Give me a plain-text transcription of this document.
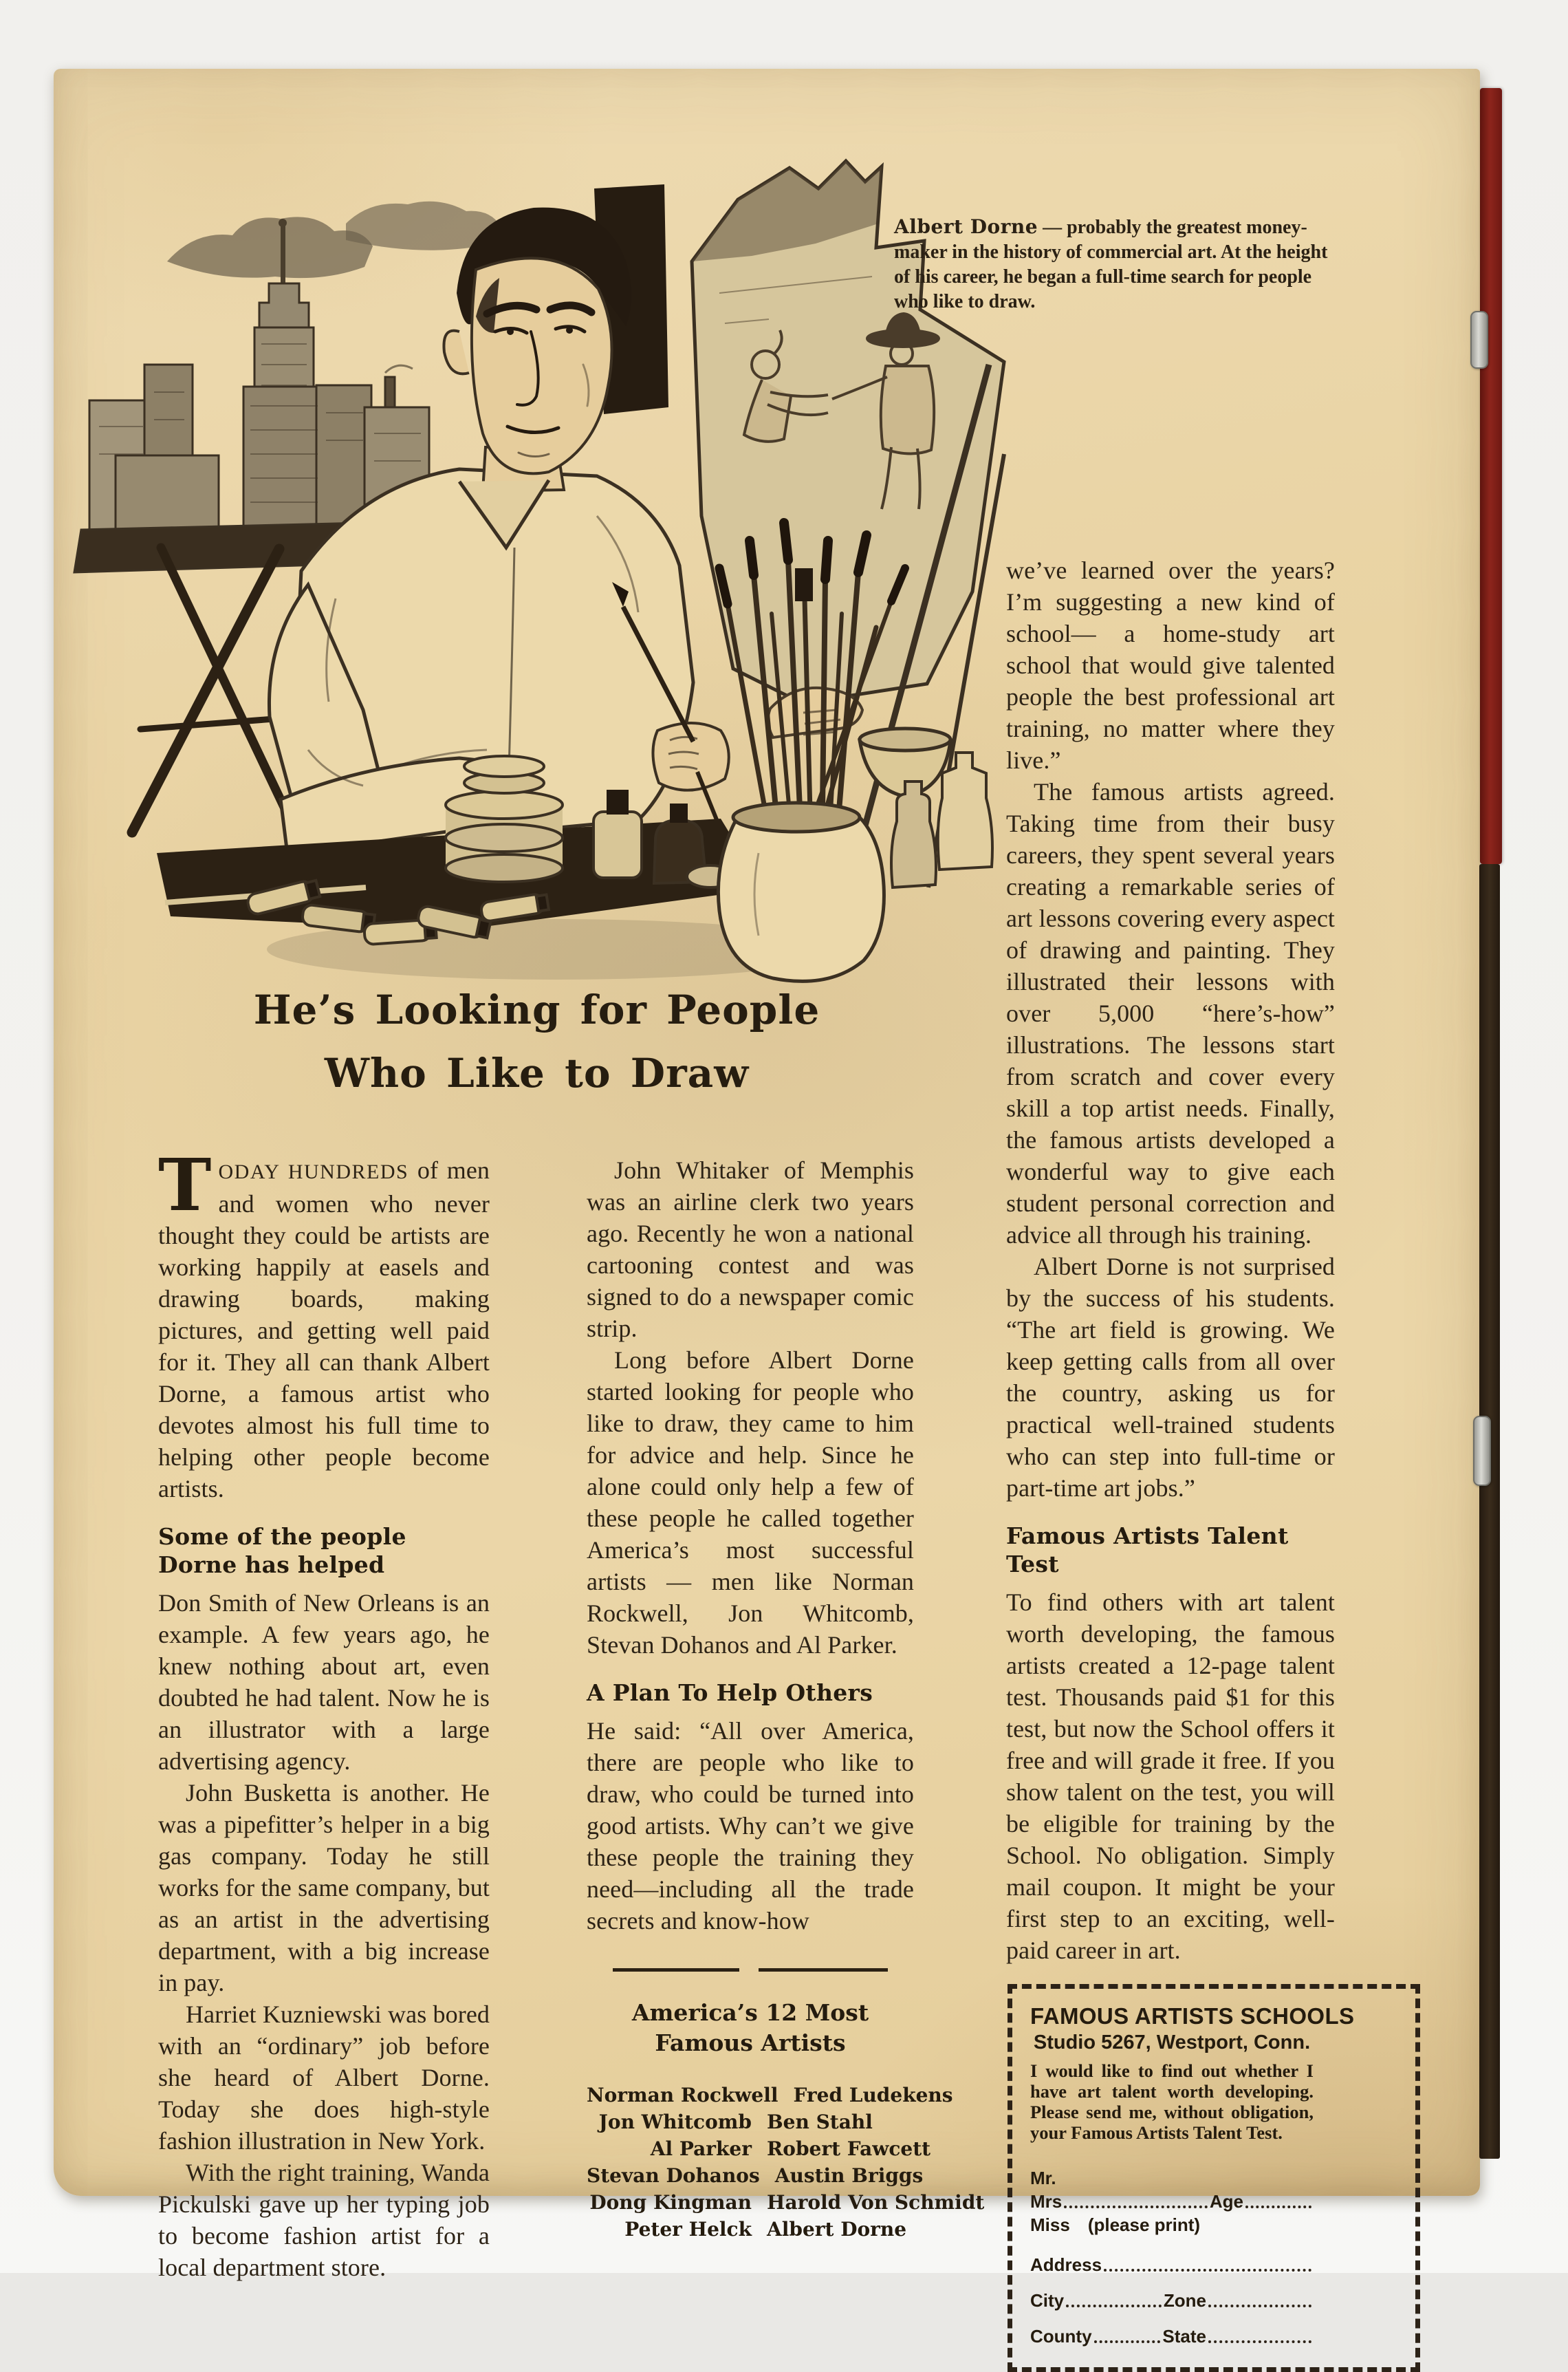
Albert Dorne — probably the greatest money-maker in the history of commercial art. At the height of his career, he began a full-time search for people who like to draw.
He’s Looking for People
Who Like to Draw

TODAY HUNDREDS of men and women who never thought they could be artists are working happily at easels and drawing boards, making pictures, and getting well paid for it. They all can thank Albert Dorne, a famous artist who devotes almost his full time to helping other people become artists.

Some of the people
Dorne has helped

Don Smith of New Orleans is an example. A few years ago, he knew nothing about art, even doubted he had talent. Now he is an illustrator with a large advertising agency.

John Busketta is another. He was a pipefitter’s helper in a big gas company. Today he still works for the same company, but as an artist in the advertising department, with a big increase in pay.

Harriet Kuzniewski was bored with an “ordinary” job before she heard of Albert Dorne. Today she does high-style fashion illustration in New York.

With the right training, Wanda Pickulski gave up her typing job to become fashion artist for a local department store.

John Whitaker of Memphis was an airline clerk two years ago. Recently he won a national cartooning contest and was signed to do a newspaper comic strip.

Long before Albert Dorne started looking for people who like to draw, they came to him for advice and help. Since he alone could only help a few of these people he called together America’s most successful artists — men like Norman Rockwell, Jon Whitcomb, Stevan Dohanos and Al Parker.

A Plan To Help Others

He said: “All over America, there are people who like to draw, who could be turned into good artists. Why can’t we give these people the training they need—including all the trade secrets and know-how

America’s 12 Most
Famous Artists
Norman Rockwell Fred Ludekens
Jon Whitcomb Ben Stahl
Al Parker Robert Fawcett
Stevan Dohanos Austin Briggs
Dong Kingman Harold Von Schmidt
Peter Helck Albert Dorne

we’ve learned over the years? I’m suggesting a new kind of school— a home-study art school that would give talented people the best professional art training, no matter where they live.”

The famous artists agreed. Taking time from their busy careers, they spent several years creating a remarkable series of art lessons covering every aspect of drawing and painting. They illustrated their lessons with over 5,000 “here’s-how” illustrations. The lessons start from scratch and cover every skill a top artist needs. Finally, the famous artists developed a wonderful way to give each student personal correction and advice all through his training.

Albert Dorne is not surprised by the success of his students. “The art field is growing. We keep getting calls from all over the country, asking us for practical well-trained students who can step into full-time or part-time art jobs.”

Famous Artists Talent Test

To find others with art talent worth developing, the famous artists created a 12-page talent test. Thousands paid $1 for this test, but now the School offers it free and will grade it free. If you show talent on the test, you will be eligible for training by the School. No obligation. Simply mail coupon. It might be your first step to an exciting, well-paid career in art.

FAMOUS ARTISTS SCHOOLS
Studio 5267, Westport, Conn.

I would like to find out whether I have art talent worth developing. Please send me, without obligation, your Famous Artists Talent Test.

Mr.
Mrs	Age
Miss	(please print)
Address
City	Zone
County	State
